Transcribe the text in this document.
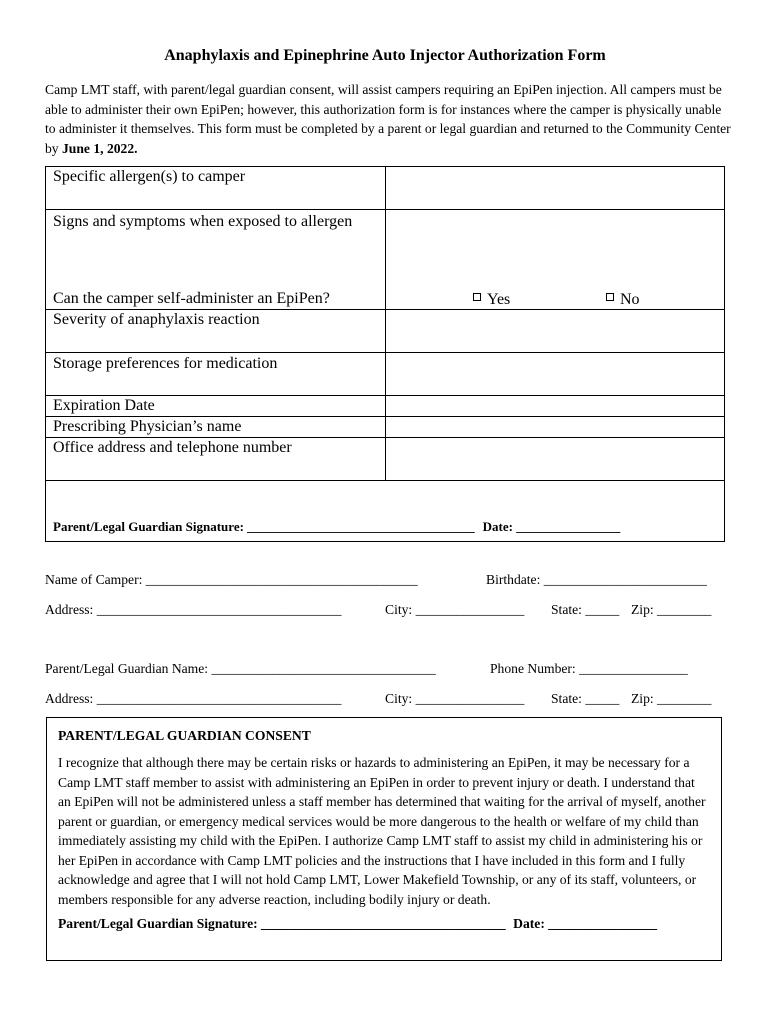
Anaphylaxis and Epinephrine Auto Injector Authorization Form
Camp LMT staff, with parent/legal guardian consent, will assist campers requiring an EpiPen injection. All campers must be able to administer their own EpiPen; however, this authorization form is for instances where the camper is physically unable to administer it themselves. This form must be completed by a parent or legal guardian and returned to the Community Center by June 1, 2022.
Specific allergen(s) to camper	
Signs and symptoms when exposed to allergen	
Can the camper self-administer an EpiPen?	Yes No

Severity of anaphylaxis reaction	
Storage preferences for medication	
Expiration Date	
Prescribing Physician’s name	
Office address and telephone number	
Parent/Legal Guardian Signature: ___________________________________ Date: ________________	
Name of Camper: ________________________________________	Birthdate: ________________________
Address: ____________________________________	City: ________________ State: _____ Zip: ________
Parent/Legal Guardian Name: _________________________________	Phone Number: ________________
Address: ____________________________________	City: ________________ State: _____ Zip: ________
PARENT/LEGAL GUARDIAN CONSENT
I recognize that although there may be certain risks or hazards to administering an EpiPen, it may be necessary for a Camp LMT staff member to assist with administering an EpiPen in order to prevent injury or death. I understand that an EpiPen will not be administered unless a staff member has determined that waiting for the arrival of myself, another parent or guardian, or emergency medical services would be more dangerous to the health or welfare of my child than immediately assisting my child with the EpiPen. I authorize Camp LMT staff to assist my child in administering his or her EpiPen in accordance with Camp LMT policies and the instructions that I have included in this form and I fully acknowledge and agree that I will not hold Camp LMT, Lower Makefield Township, or any of its staff, volunteers, or members responsible for any adverse reaction, including bodily injury or death.
Parent/Legal Guardian Signature: ____________________________________ Date: ________________
